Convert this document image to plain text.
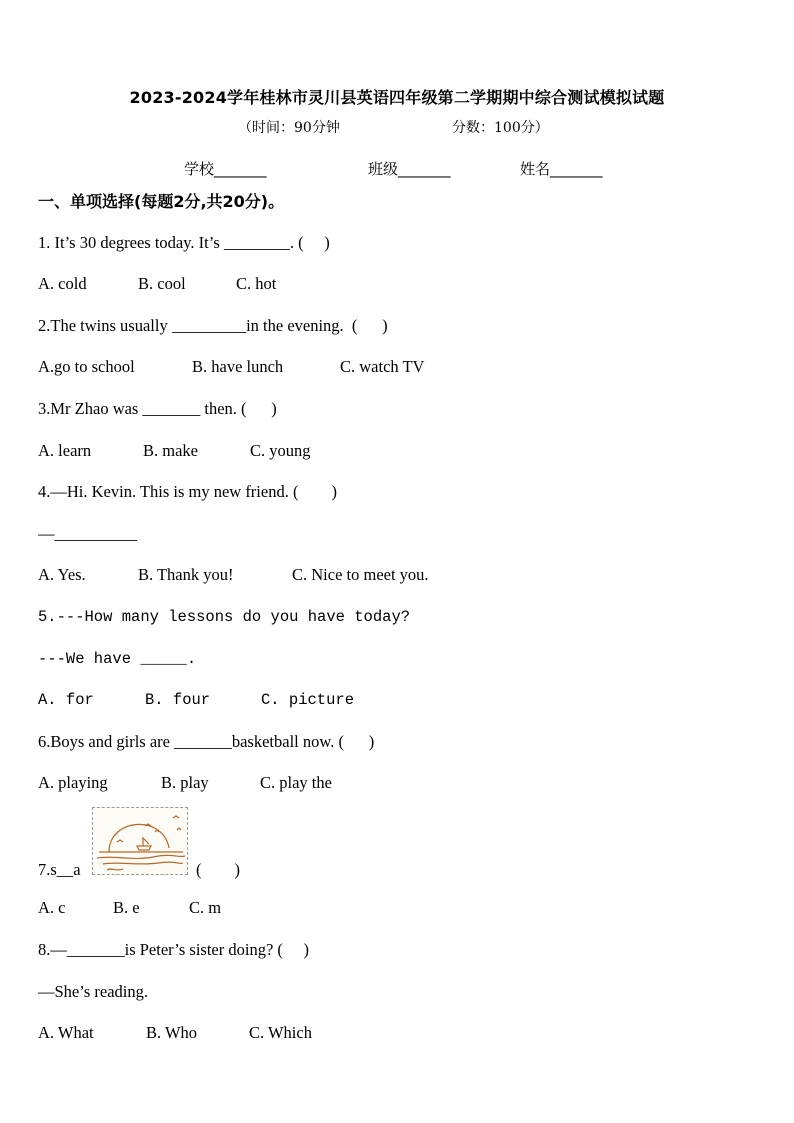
2023-2024学年桂林市灵川县英语四年级第二学期期中综合测试模拟试题
（时间：90分钟	分数：100分）
学校_______	班级_______	姓名_______
一、单项选择(每题2分,共20分)。
1. It’s 30 degrees today. It’s ________. (     )
A. cold	B. cool	C. hot
2.The twins usually _________in the evening.  (      )
A.go to school	B. have lunch	C. watch TV
3.Mr Zhao was _______ then. (      )
A. learn	B. make	C. young
4.—Hi. Kevin. This is my new friend. (        )
—__________
A. Yes.	B. Thank you!	C. Nice to meet you.
5.---How many lessons do you have today?
---We have _____.
A. for	B. four	C. picture
6.Boys and girls are _______basketball now. (      )
A. playing	B. play	C. play the
7.s__a	(        )
A. c	B. e	C. m
8.—_______is Peter’s sister doing? (     )
—She’s reading.
A. What	B. Who	C. Which
